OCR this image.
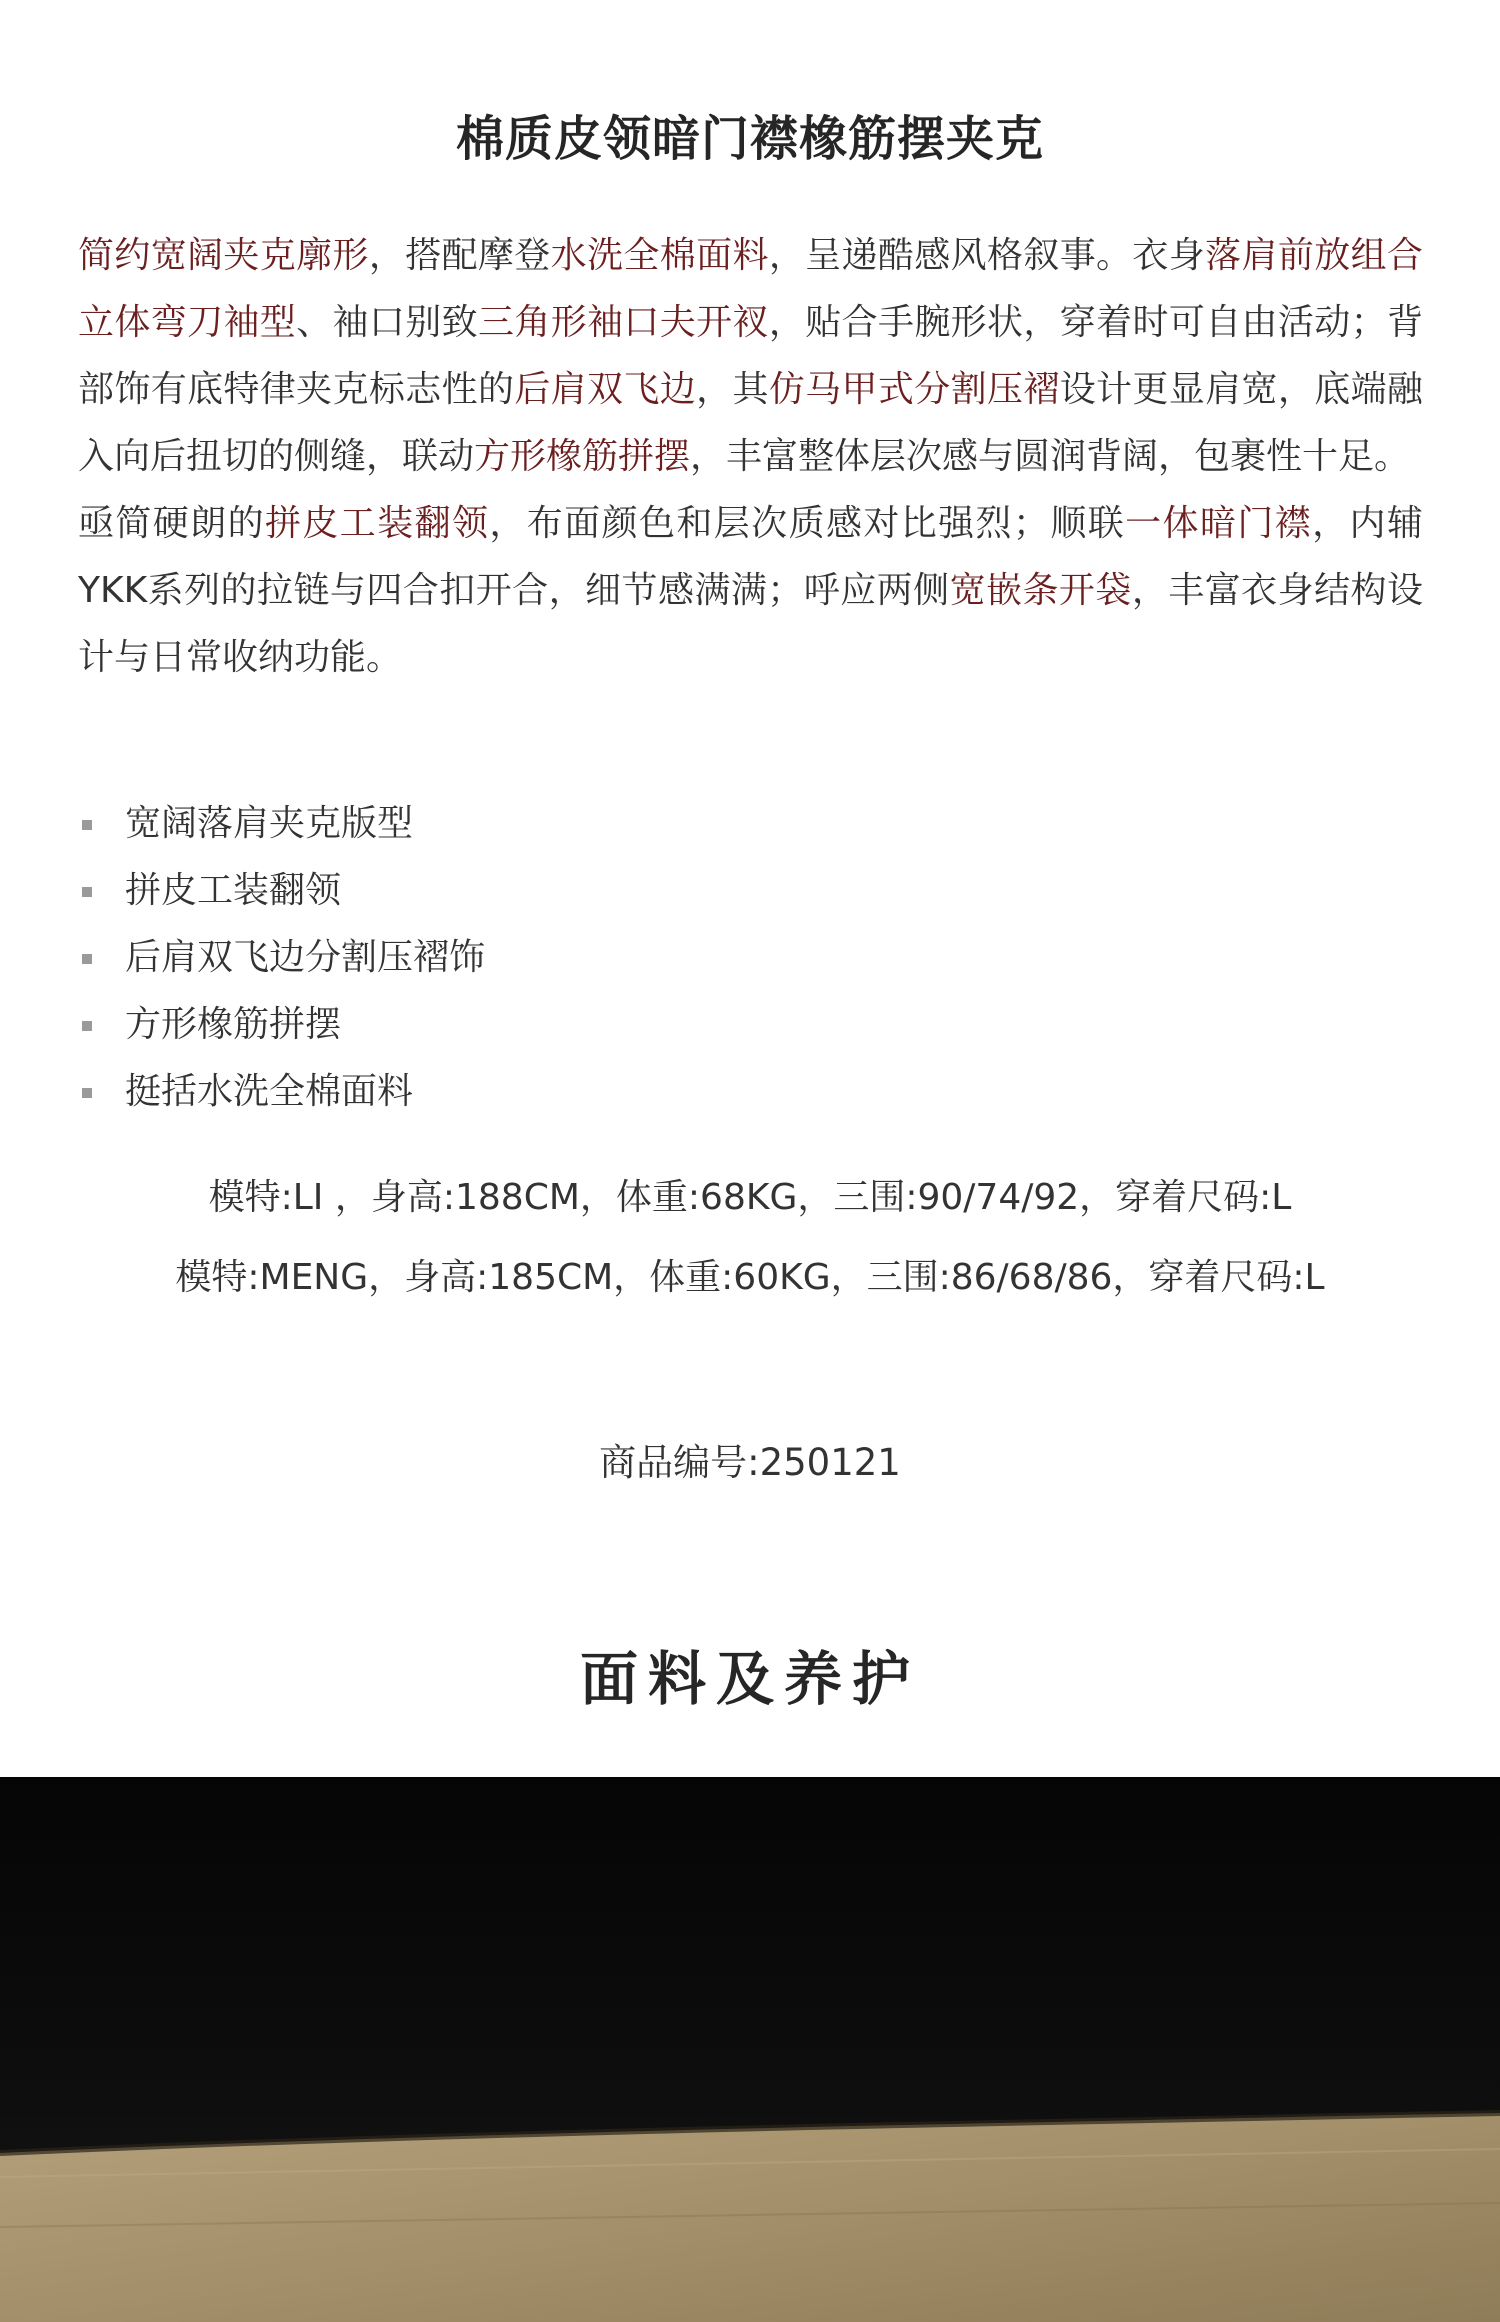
棉质皮领暗门襟橡筋摆夹克

简约宽阔夹克廓形，搭配摩登水洗全棉面料，呈递酷感风格叙事。衣身落肩前放组合立体弯刀袖型、袖口别致三角形袖口夫开衩，贴合手腕形状，穿着时可自由活动；背部饰有底特律夹克标志性的后肩双飞边，其仿马甲式分割压褶设计更显肩宽，底端融入向后扭切的侧缝，联动方形橡筋拼摆，丰富整体层次感与圆润背阔，包裹性十足。

亟简硬朗的拼皮工装翻领，布面颜色和层次质感对比强烈；顺联一体暗门襟，内辅YKK系列的拉链与四合扣开合，细节感满满；呼应两侧宽嵌条开袋，丰富衣身结构设计与日常收纳功能。

宽阔落肩夹克版型
拼皮工装翻领
后肩双飞边分割压褶饰
方形橡筋拼摆
挺括水洗全棉面料
模特:LI ，身高:188CM，体重:68KG，三围:90/74/92，穿着尺码:L
模特:MENG，身高:185CM，体重:60KG，三围:86/68/86，穿着尺码:L
商品编号:250121
面料及养护
